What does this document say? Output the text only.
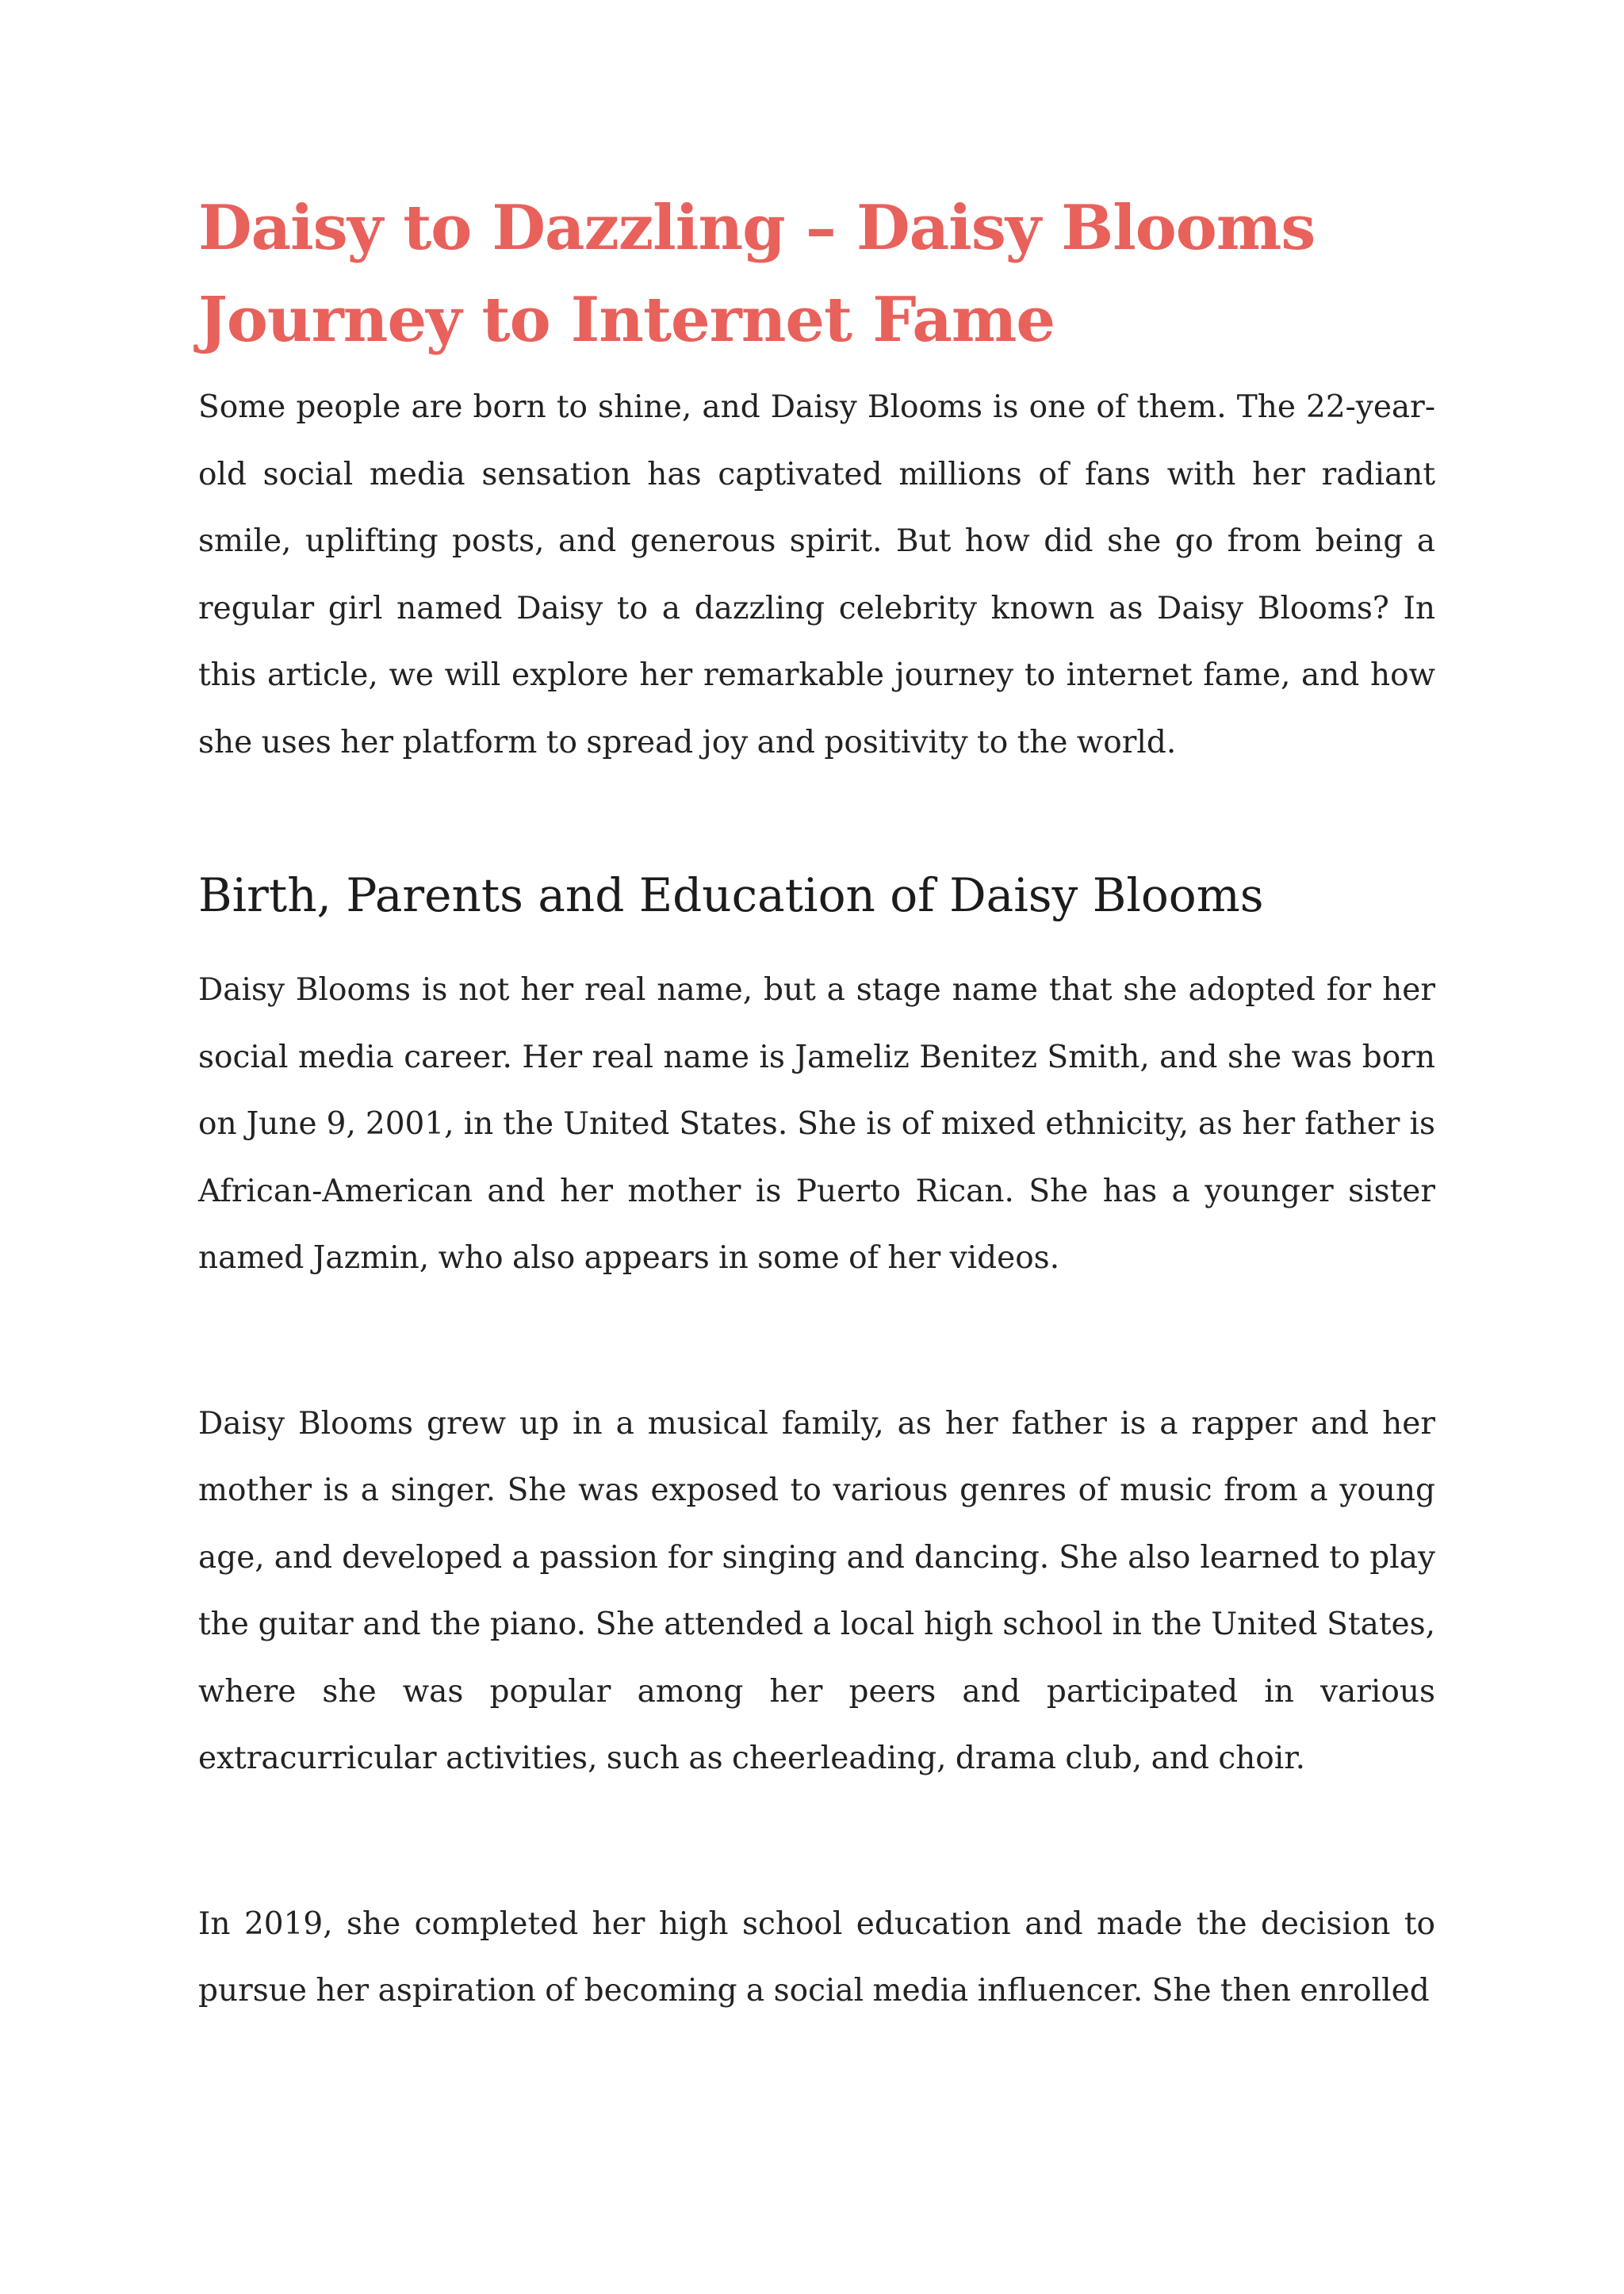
Daisy to Dazzling – Daisy Blooms Journey to Internet Fame

Some people are born to shine, and Daisy Blooms is one of them. The 22-year-old social media sensation has captivated millions of fans with her radiant smile, uplifting posts, and generous spirit. But how did she go from being a regular girl named Daisy to a dazzling celebrity known as Daisy Blooms? In this article, we will explore her remarkable journey to internet fame, and how she uses her platform to spread joy and positivity to the world.

Birth, Parents and Education of Daisy Blooms

Daisy Blooms is not her real name, but a stage name that she adopted for her social media career. Her real name is Jameliz Benitez Smith, and she was born on June 9, 2001, in the United States. She is of mixed ethnicity, as her father is African-American and her mother is Puerto Rican. She has a younger sister named Jazmin, who also appears in some of her videos.

Daisy Blooms grew up in a musical family, as her father is a rapper and her mother is a singer. She was exposed to various genres of music from a young age, and developed a passion for singing and dancing. She also learned to play the guitar and the piano. She attended a local high school in the United States, where she was popular among her peers and participated in various extracurricular activities, such as cheerleading, drama club, and choir.

In 2019, she completed her high school education and made the decision to pursue her aspiration of becoming a social media influencer. She then enrolled
